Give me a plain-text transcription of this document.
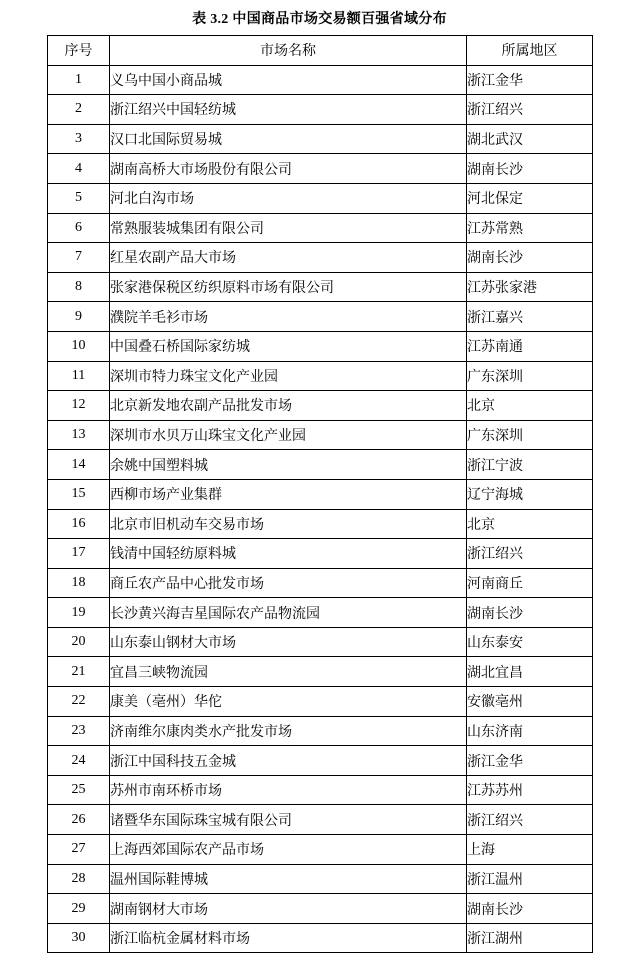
表 3.2 中国商品市场交易额百强省域分布
序号	市场名称	所属地区
1	义乌中国小商品城	浙江金华
2	浙江绍兴中国轻纺城	浙江绍兴
3	汉口北国际贸易城	湖北武汉
4	湖南高桥大市场股份有限公司	湖南长沙
5	河北白沟市场	河北保定
6	常熟服装城集团有限公司	江苏常熟
7	红星农副产品大市场	湖南长沙
8	张家港保税区纺织原料市场有限公司	江苏张家港
9	濮院羊毛衫市场	浙江嘉兴
10	中国叠石桥国际家纺城	江苏南通
11	深圳市特力珠宝文化产业园	广东深圳
12	北京新发地农副产品批发市场	北京
13	深圳市水贝万山珠宝文化产业园	广东深圳
14	余姚中国塑料城	浙江宁波
15	西柳市场产业集群	辽宁海城
16	北京市旧机动车交易市场	北京
17	钱清中国轻纺原料城	浙江绍兴
18	商丘农产品中心批发市场	河南商丘
19	长沙黄兴海吉星国际农产品物流园	湖南长沙
20	山东泰山钢材大市场	山东泰安
21	宜昌三峡物流园	湖北宜昌
22	康美（亳州）华佗	安徽亳州
23	济南维尔康肉类水产批发市场	山东济南
24	浙江中国科技五金城	浙江金华
25	苏州市南环桥市场	江苏苏州
26	诸暨华东国际珠宝城有限公司	浙江绍兴
27	上海西郊国际农产品市场	上海
28	温州国际鞋博城	浙江温州
29	湖南钢材大市场	湖南长沙
30	浙江临杭金属材料市场	浙江湖州
